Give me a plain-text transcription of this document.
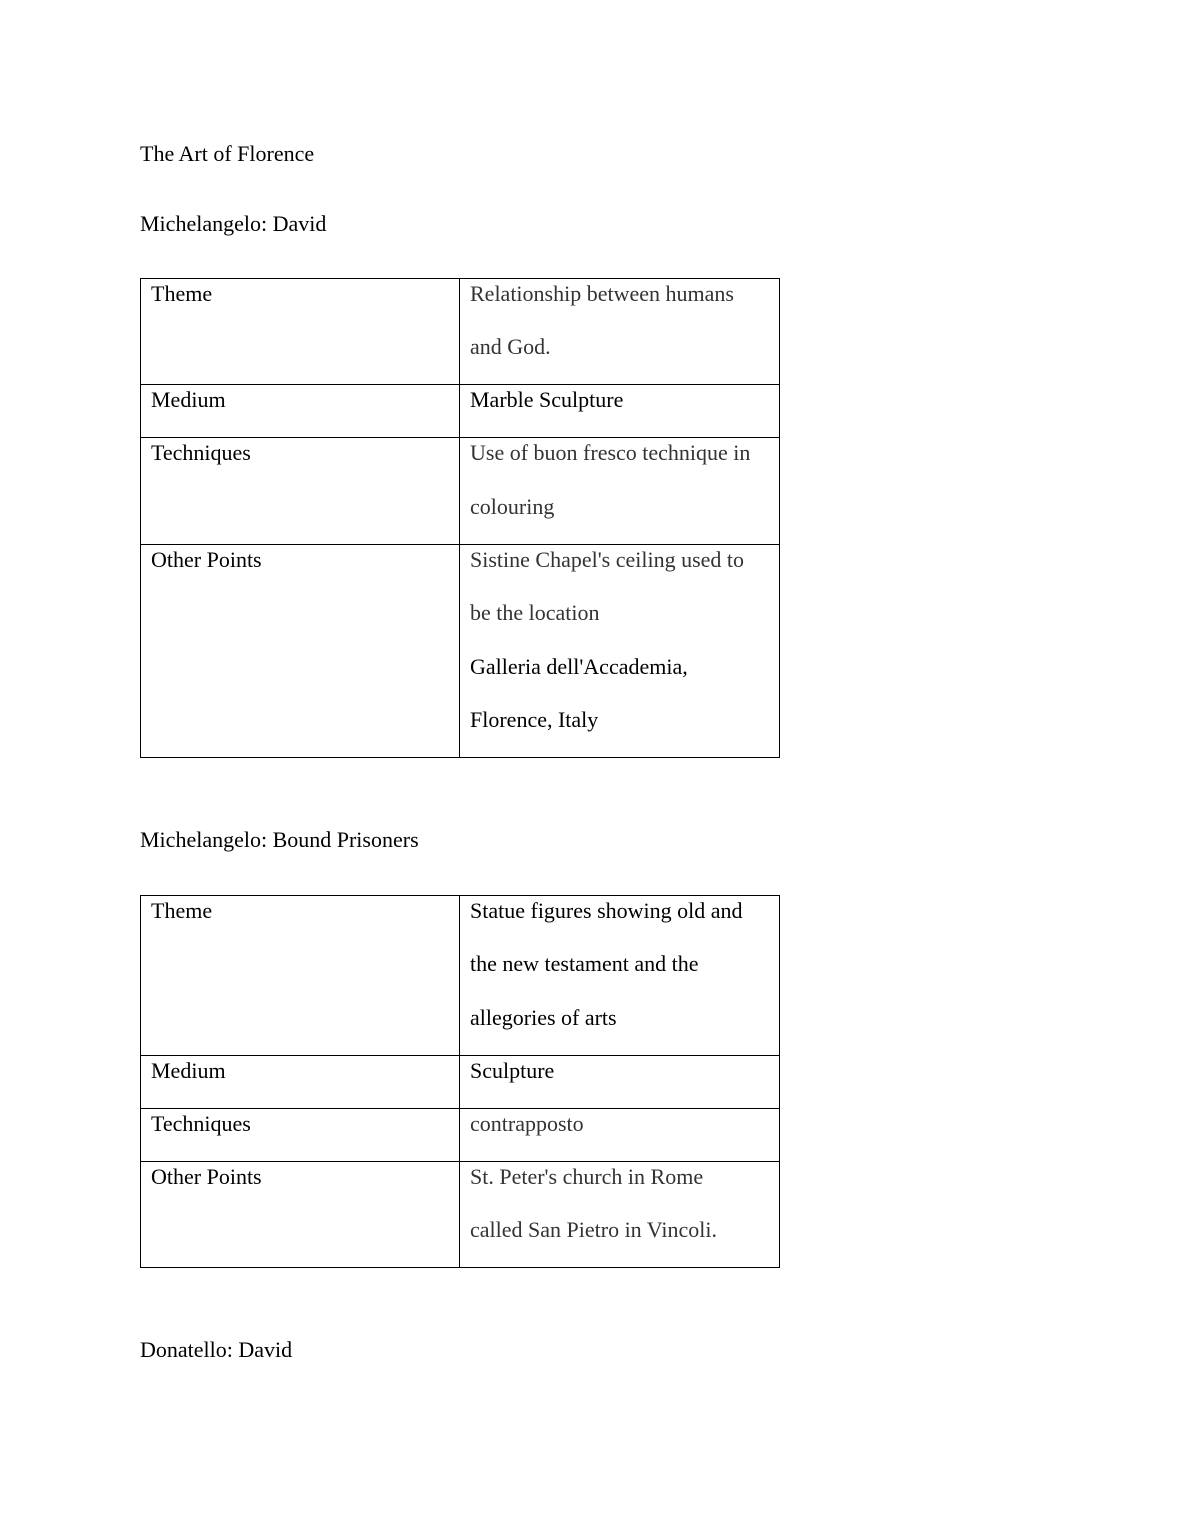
The Art of Florence
Michelangelo: David
Theme	Relationship between humans
and God.

Medium	Marble Sculpture

Techniques	Use of buon fresco technique in
colouring

Other Points	Sistine Chapel's ceiling used to
be the location
Galleria dell'Accademia,
Florence, Italy
Michelangelo: Bound Prisoners
Theme	Statue figures showing old and
the new testament and the
allegories of arts

Medium	Sculpture

Techniques	contrapposto

Other Points	St. Peter's church in Rome
called San Pietro in Vincoli.
Donatello: David
